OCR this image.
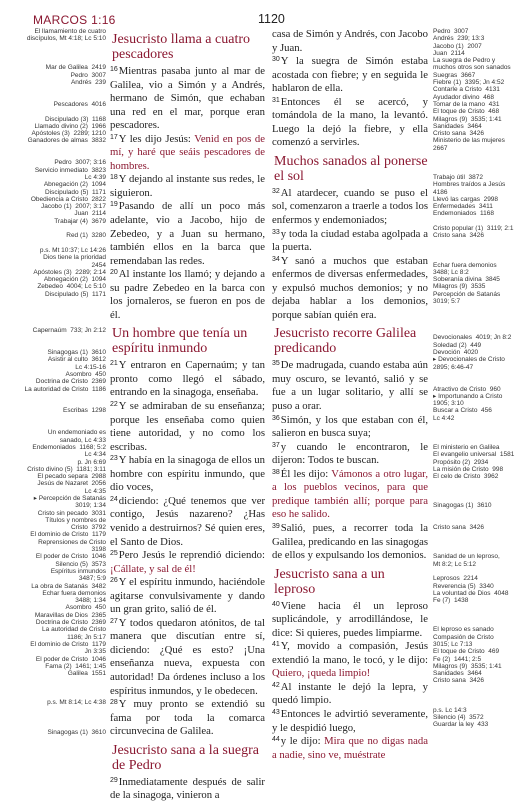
MARCOS 1:16	1120
El llamamiento de cuatro
discípulos, Mt 4:18; Lc 5:10

Mar de Galilea  2419
Pedro  3007
Andrés  239

Pescadores  4016

Discipulado (3)  1168
Llamado divino (2)  1966
Apóstoles (3)  2289; 1210
Ganadores de almas  3832

Pedro  3007; 3:16
Servicio inmediato  3823
Lc 4:39
Abnegación (2)  1094
Discipulado (5)  1171
Obediencia a Cristo  2822
Jacobo (1)  2007; 3:17
Juan  2114
Trabajar (4)  3679

Red (1)  3280

p.s. Mt 10:37; Lc 14:26
Dios tiene la prioridad
2454
Apóstoles (3)  2289; 2:14
Abnegación (2)  1094
Zebedeo  4004; Lc 5:10
Discipulado (5)  1171

Capernaúm  733; Jn 2:12

Sinagogas (1)  3610
Asistir al culto  3612
Lc 4:15-16
Asombro  450
Doctrina de Cristo  2369
La autoridad de Cristo  1186

Escribas  1298

Un endemoniado es
sanado, Lc 4:33
Endemoniados  1168; 5:2
Lc 4:34
p. Jn 6:69
Cristo divino (5)  1181; 3:11
El pecado separa  2988
Jesús de Nazaret  2056
Lc 4:35
▸ Percepción de Satanás
3019; 1:34
Cristo sin pecado  3031
Títulos y nombres de
Cristo  3792
El dominio de Cristo  1179
Reprensiones de Cristo
3198
El poder de Cristo  1046
Silencio (5)  3573
Espíritus inmundos
3487; 5:9
La obra de Satanás  3482
Echar fuera demonios
3488; 1:34
Asombro  450
Maravillas de Dios  2365
Doctrina de Cristo  2369
La autoridad de Cristo
1186; Jn 5:17
El dominio de Cristo  1179
Jn 3:35
El poder de Cristo  1046
Fama (2)  1461; 1:45
Galilea  1551

p.s. Mt 8:14; Lc 4:38

Sinagogas (1)  3610
Jesucristo llama a cuatro pescadores

$^{16}$Mientras pasaba junto al mar de Galilea, vio a Simón y a Andrés, hermano de Simón, que echaban una red en el mar, porque eran pescadores.

$^{17}$Y les dijo Jesús: Venid en pos de mí, y haré que seáis pescadores de hombres.

$^{18}$Y dejando al instante sus redes, le siguieron.

$^{19}$Pasando de allí un poco más adelante, vio a Jacobo, hijo de Zebedeo, y a Juan su hermano, también ellos en la barca que remendaban las redes.

$^{20}$Al instante los llamó; y dejando a su padre Zebedeo en la barca con los jornaleros, se fueron en pos de él.

Un hombre que tenía un espíritu inmundo

$^{21}$Y entraron en Capernaúm; y tan pronto como llegó el sábado, entrando en la sinagoga, enseñaba.

$^{22}$Y se admiraban de su enseñanza; porque les enseñaba como quien tiene autoridad, y no como los escribas.

$^{23}$Y había en la sinagoga de ellos un hombre con espíritu inmundo, que dio voces,

$^{24}$diciendo: ¿Qué tenemos que ver contigo, Jesús nazareno? ¿Has venido a destruirnos? Sé quien eres, el Santo de Dios.

$^{25}$Pero Jesús le reprendió diciendo: ¡Cállate, y sal de él!

$^{26}$Y el espíritu inmundo, haciéndole agitarse convulsivamente y dando un gran grito, salió de él.

$^{27}$Y todos quedaron atónitos, de tal manera que discutían entre sí, diciendo: ¿Qué es esto? ¡Una enseñanza nueva, expuesta con autoridad! Da órdenes incluso a los espíritus inmundos, y le obedecen.

$^{28}$Y muy pronto se extendió su fama por toda la comarca circunvecina de Galilea.

Jesucristo sana a la suegra de Pedro

$^{29}$Inmediatamente después de salir de la sinagoga, vinieron a

casa de Simón y Andrés, con Jacobo y Juan.

$^{30}$Y la suegra de Simón estaba acostada con fiebre; y en seguida le hablaron de ella.

$^{31}$Entonces él se acercó, y tomándola de la mano, la levantó. Luego la dejó la fiebre, y ella comenzó a servirles.

Muchos sanados al ponerse el sol

$^{32}$Al atardecer, cuando se puso el sol, comenzaron a traerle a todos los enfermos y endemoniados;

$^{33}$y toda la ciudad estaba agolpada a la puerta.

$^{34}$Y sanó a muchos que estaban enfermos de diversas enfermedades, y expulsó muchos demonios; y no dejaba hablar a los demonios, porque sabían quién era.

Jesucristo recorre Galilea predicando

$^{35}$De madrugada, cuando estaba aún muy oscuro, se levantó, salió y se fue a un lugar solitario, y allí se puso a orar.

$^{36}$Simón, y los que estaban con él, salieron en busca suya;

$^{37}$y cuando le encontraron, le dijeron: Todos te buscan.

$^{38}$Él les dijo: Vámonos a otro lugar, a los pueblos vecinos, para que predique también allí; porque para eso he salido.

$^{39}$Salió, pues, a recorrer toda la Galilea, predicando en las sinagogas de ellos y expulsando los demonios.

Jesucristo sana a un leproso

$^{40}$Viene hacia él un leproso suplicándole, y arrodillándose, le dice: Si quieres, puedes limpiarme.

$^{41}$Y, movido a compasión, Jesús extendió la mano, le tocó, y le dijo: Quiero, ¡queda limpio!

$^{42}$Al instante le dejó la lepra, y quedó limpio.

$^{43}$Entonces le advirtió severamente, y le despidió luego,

$^{44}$y le dijo: Mira que no digas nada a nadie, sino ve, muéstrate

Pedro  3007
Andrés  239; 13:3
Jacobo (1)  2007
Juan  2114
La suegra de Pedro y
muchos otros son sanados
Suegras  3667
Fiebre (1)  3395; Jn 4:52
Contarle a Cristo  4131
Ayudador divino  468
Tomar de la mano  431
El toque de Cristo  468
Milagros (9)  3535; 1:41
Sanidades  3464
Cristo sana  3426
Ministerio de las mujeres
2667

Trabajo útil  3872
Hombres traídos a Jesús
4186
Llevó las cargas  2998
Enfermedades  3411
Endemoniados  1168

Cristo popular (1)  3119; 2:1
Cristo sana  3426

Echar fuera demonios
3488; Lc 8:2
Soberanía divina  3845
Milagros (9)  3535
Percepción de Satanás
3019; 5:7

Devocionales  4019; Jn 8:2
Soledad (2)  449
Devoción  4020
▸ Devocionales de Cristo
2895; 6:46-47

Atractivo de Cristo  960
▸ Importunando a Cristo
1905; 3:10
Buscar a Cristo  456
Lc 4:42

El ministerio en Galilea
El evangelio universal  1581
Propósito (2)  2934
La misión de Cristo  998
El celo de Cristo  3962

Sinagogas (1)  3610

Cristo sana  3426

Sanidad de un leproso,
Mt 8:2; Lc 5:12

Leprosos  2214
Reverencia (5)  3340
La voluntad de Dios  4048
Fe (7)  1438

El leproso es sanado
Compasión de Cristo
3015; Lc 7:13
El toque de Cristo  469
Fe (2)  1441; 2:5
Milagros (9)  3535; 1:41
Sanidades  3464
Cristo sana  3426

p.s. Lc 14:3
Silencio (4)  3572
Guardar la ley  433
